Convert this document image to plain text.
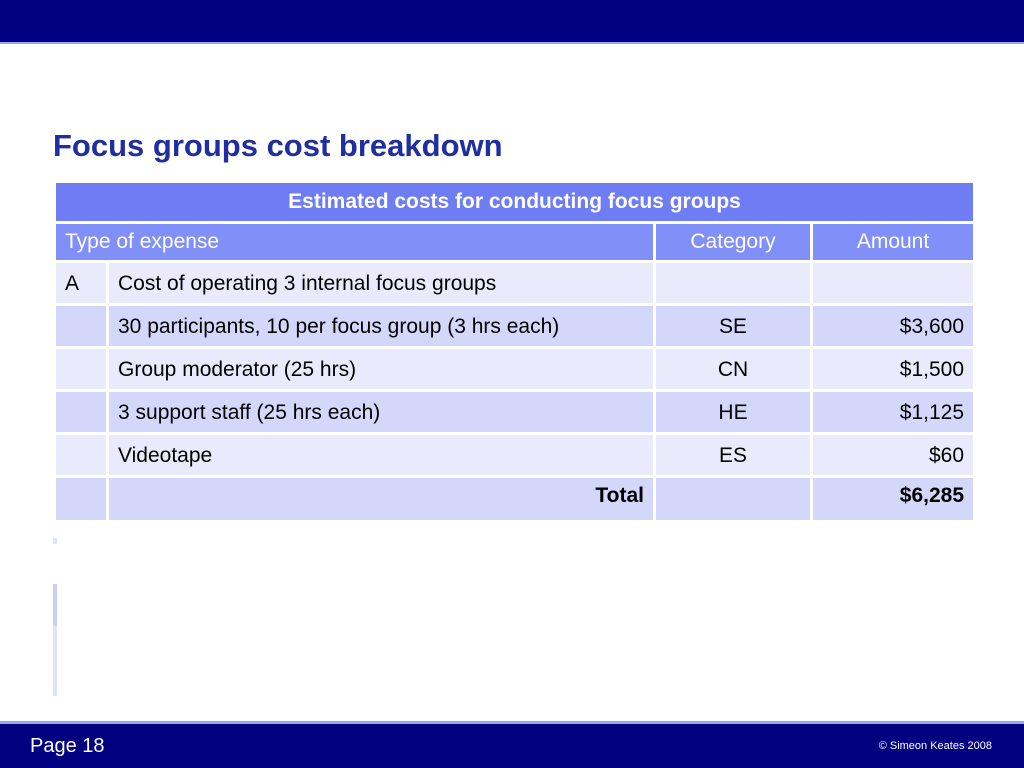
Focus groups cost breakdown
Estimated costs for conducting focus groups			
Type of expense		Category	Amount
A	Cost of operating 3 internal focus groups		
	30 participants, 10 per focus group (3 hrs each)	SE	$3,600
	Group moderator (25 hrs)	CN	$1,500
	3 support staff (25 hrs each)	HE	$1,125
	Videotape	ES	$60
	Total		$6,285
Page 18	© Simeon Keates 2008
